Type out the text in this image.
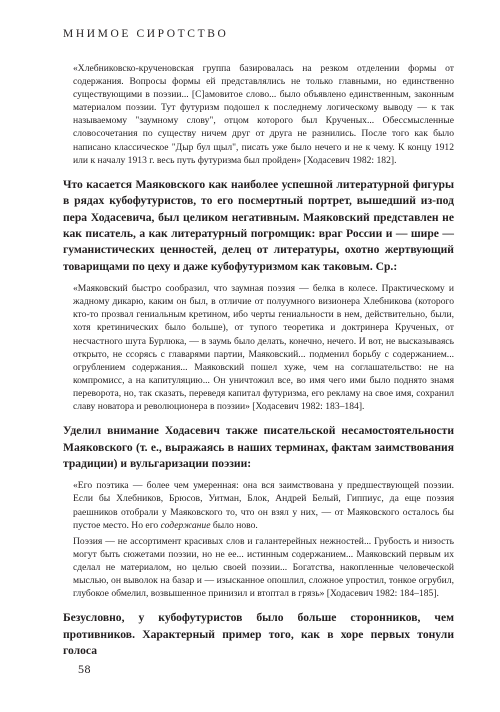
МНИМОЕ СИРОТСТВО

«Хлебниковско-крученовская группа базировалась на резком отделении формы от содержания. Вопросы формы ей представлялись не только главными, но единственно существующими в поэзии... [С]амовитое слово... было объявлено единственным, законным материалом поэзии. Тут футуризм подошел к последнему логическому выводу — к так называемому "заумному слову", отцом которого был Крученых... Обессмысленные словосочетания по существу ничем друг от друга не разнились. После того как было написано классическое "Дыр бул щыл", писать уже было нечего и не к чему. К концу 1912 или к началу 1913 г. весь путь футуризма был пройден» [Ходасевич 1982: 182].

Что касается Маяковского как наиболее успешной литературной фигуры в рядах кубофутуристов, то его посмертный портрет, вышедший из-под пера Ходасевича, был целиком негативным. Маяковский представлен не как писатель, а как литературный погромщик: враг России и — шире — гуманистических ценностей, делец от литературы, охотно жертвующий товарищами по цеху и даже кубофутуризмом как таковым. Ср.:

«Маяковский быстро сообразил, что заумная поэзия — белка в колесе. Практическому и жадному дикарю, каким он был, в отличие от полуумного визионера Хлебникова (которого кто-то прозвал гениальным кретином, ибо черты гениальности в нем, действительно, были, хотя кретинических было больше), от тупого теоретика и доктринера Крученых, от несчастного шута Бурлюка, — в заумь было делать, конечно, нечего. И вот, не высказываясь открыто, не ссорясь с главарями партии, Маяковский... подменил борьбу с содержанием... огрублением содержания... Маяковский пошел хуже, чем на соглашательство: не на компромисс, а на капитуляцию... Он уничтожил все, во имя чего ими было поднято знамя переворота, но, так сказать, переведя капитал футуризма, его рекламу на свое имя, сохранил славу новатора и революционера в поэзии» [Ходасевич 1982: 183–184].

Уделил внимание Ходасевич также писательской несамостоятельности Маяковского (т. е., выражаясь в наших терминах, фактам заимствования традиции) и вульгаризации поэзии:

«Его поэтика — более чем умеренная: она вся заимствована у предшествующей поэзии. Если бы Хлебников, Брюсов, Уитман, Блок, Андрей Белый, Гиппиус, да еще поэзия раешников отобрали у Маяковского то, что он взял у них, — от Маяковского осталось бы пустое место. Но его содержание было ново.

Поэзия — не ассортимент красивых слов и галантерейных нежностей... Грубость и низость могут быть сюжетами поэзии, но не ее... истинным содержанием... Маяковский первым их сделал не материалом, но целью своей поэзии... Богатства, накопленные человеческой мыслью, он выволок на базар и — изысканное опошлил, сложное упростил, тонкое огрубил, глубокое обмелил, возвышенное принизил и втоптал в грязь» [Ходасевич 1982: 184–185].

Безусловно, у кубофутуристов было больше сторонников, чем противников. Характерный пример того, как в хоре первых тонули голоса

58
